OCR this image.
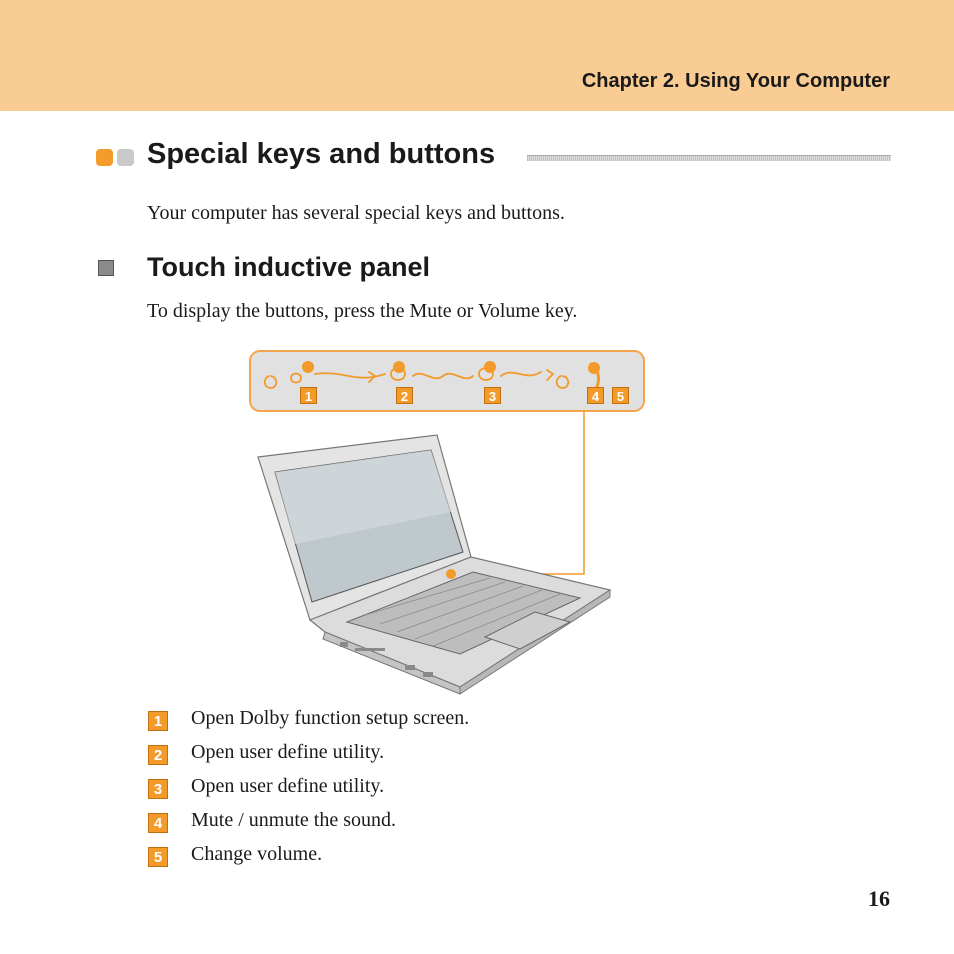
Chapter 2. Using Your Computer
Special keys and buttons
Your computer has several special keys and buttons.
Touch inductive panel
To display the buttons, press the Mute or Volume key.
1	2	3	4	5
1 Open Dolby function setup screen.
2 Open user define utility.
3 Open user define utility.
4 Mute / unmute the sound.
5 Change volume.
16
